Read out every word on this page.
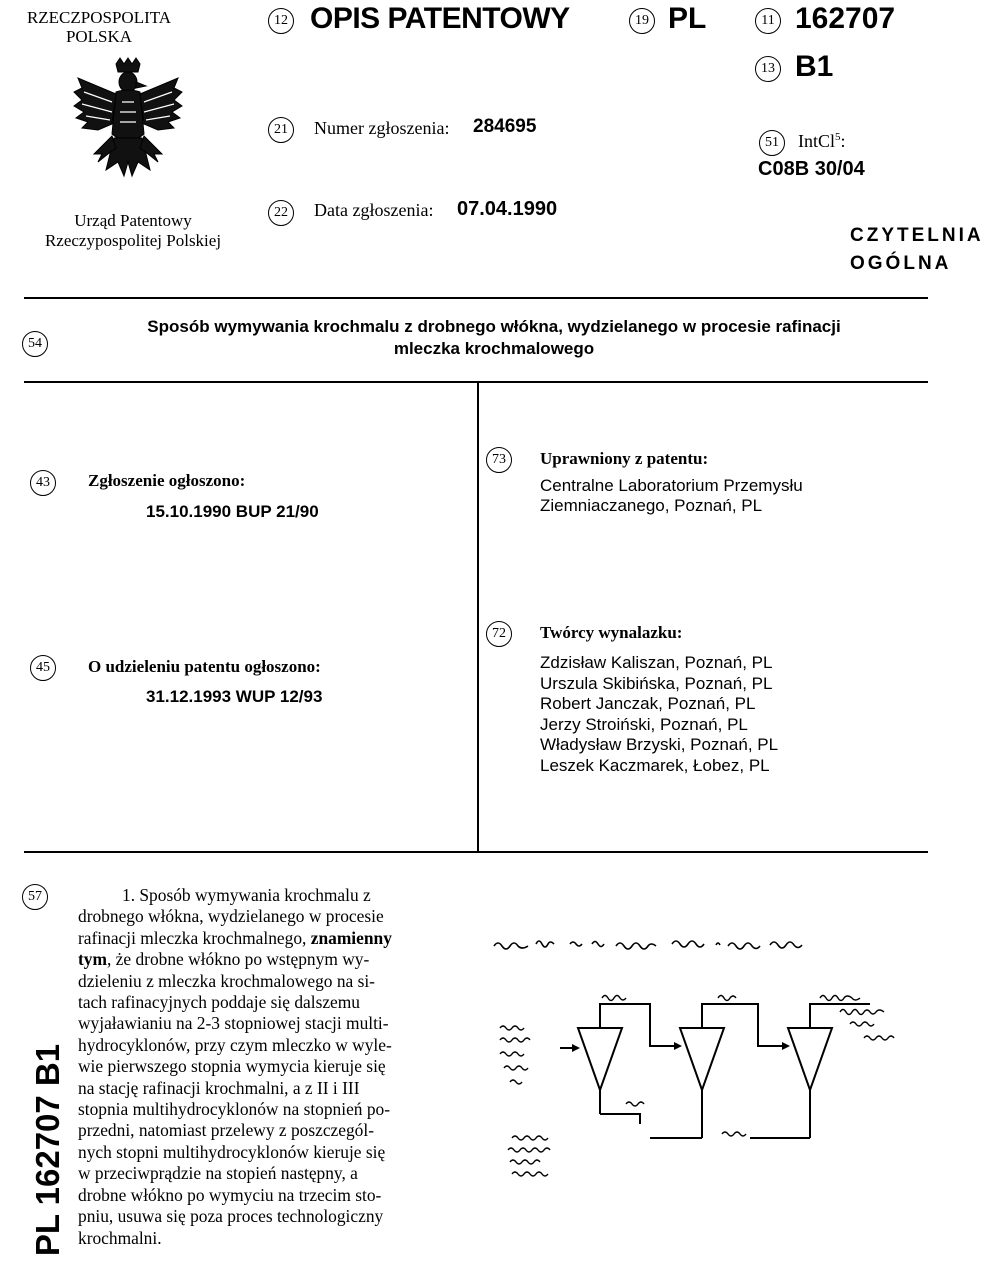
RZECZPOSPOLITA
POLSKA
Urząd Patentowy
Rzeczypospolitej Polskiej
12 OPIS PATENTOWY	19 PL	11 162707
13 B1
21	Numer zgłoszenia: 284695
51	IntCl$^5$:
C08B 30/04
22	Data zgłoszenia: 07.04.1990
CZYTELNIA
OGÓLNA
54
Sposób wymywania krochmalu z drobnego włókna, wydzielanego w procesie rafinacji
mleczka krochmalowego
43	Zgłoszenie ogłoszono:
15.10.1990 BUP 21/90
45	O udzieleniu patentu ogłoszono:
31.12.1993 WUP 12/93
73	Uprawniony z patentu:
Centralne Laboratorium Przemysłu
Ziemniaczanego, Poznań, PL
72	Twórcy wynalazku:
Zdzisław Kaliszan, Poznań, PL
Urszula Skibińska, Poznań, PL
Robert Janczak, Poznań, PL
Jerzy Stroiński, Poznań, PL
Władysław Brzyski, Poznań, PL
Leszek Kaczmarek, Łobez, PL
57	1. Sposób wymywania krochmalu z
drobnego włókna, wydzielanego w procesie
rafinacji mleczka krochmalnego, znamienny
tym, że drobne włókno po wstępnym wy-
dzieleniu z mleczka krochmalowego na si-
tach rafinacyjnych poddaje się dalszemu
wyjaławianiu na 2-3 stopniowej stacji multi-
hydrocyklonów, przy czym mleczko w wyle-
wie pierwszego stopnia wymycia kieruje się
na stację rafinacji krochmalni, a z II i III
stopnia multihydrocyklonów na stopnień po-
przedni, natomiast przelewy z poszczegól-
nych stopni multihydrocyklonów kieruje się
w przeciwprądzie na stopień następny, a
drobne włókno po wymyciu na trzecim sto-
pniu, usuwa się poza proces technologiczny
krochmalni.
PL 162707 B1
